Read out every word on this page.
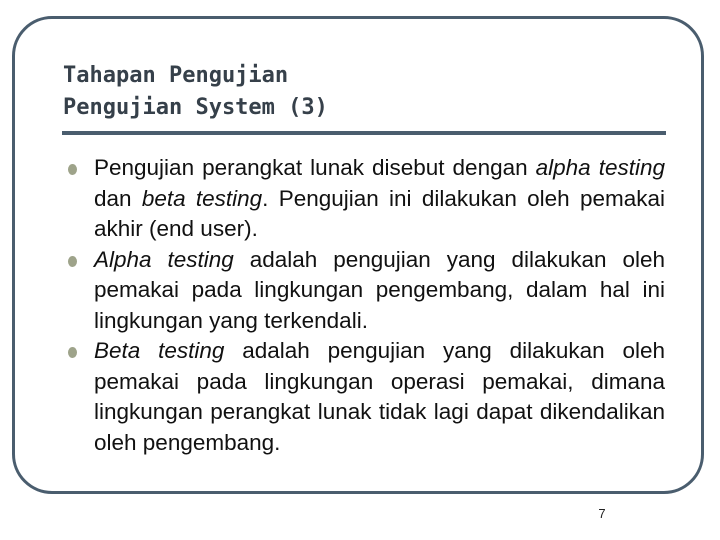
Tahapan Pengujian
Pengujian System (3)
Pengujian perangkat lunak disebut dengan alpha testing dan beta testing. Pengujian ini dilakukan oleh pemakai akhir (end user).
Alpha testing adalah pengujian yang dilakukan oleh pemakai pada lingkungan pengembang, dalam hal ini lingkungan yang terkendali.
Beta testing adalah pengujian yang dilakukan oleh pemakai pada lingkungan operasi pemakai, dimana lingkungan perangkat lunak tidak lagi dapat dikendalikan oleh pengembang.
7
